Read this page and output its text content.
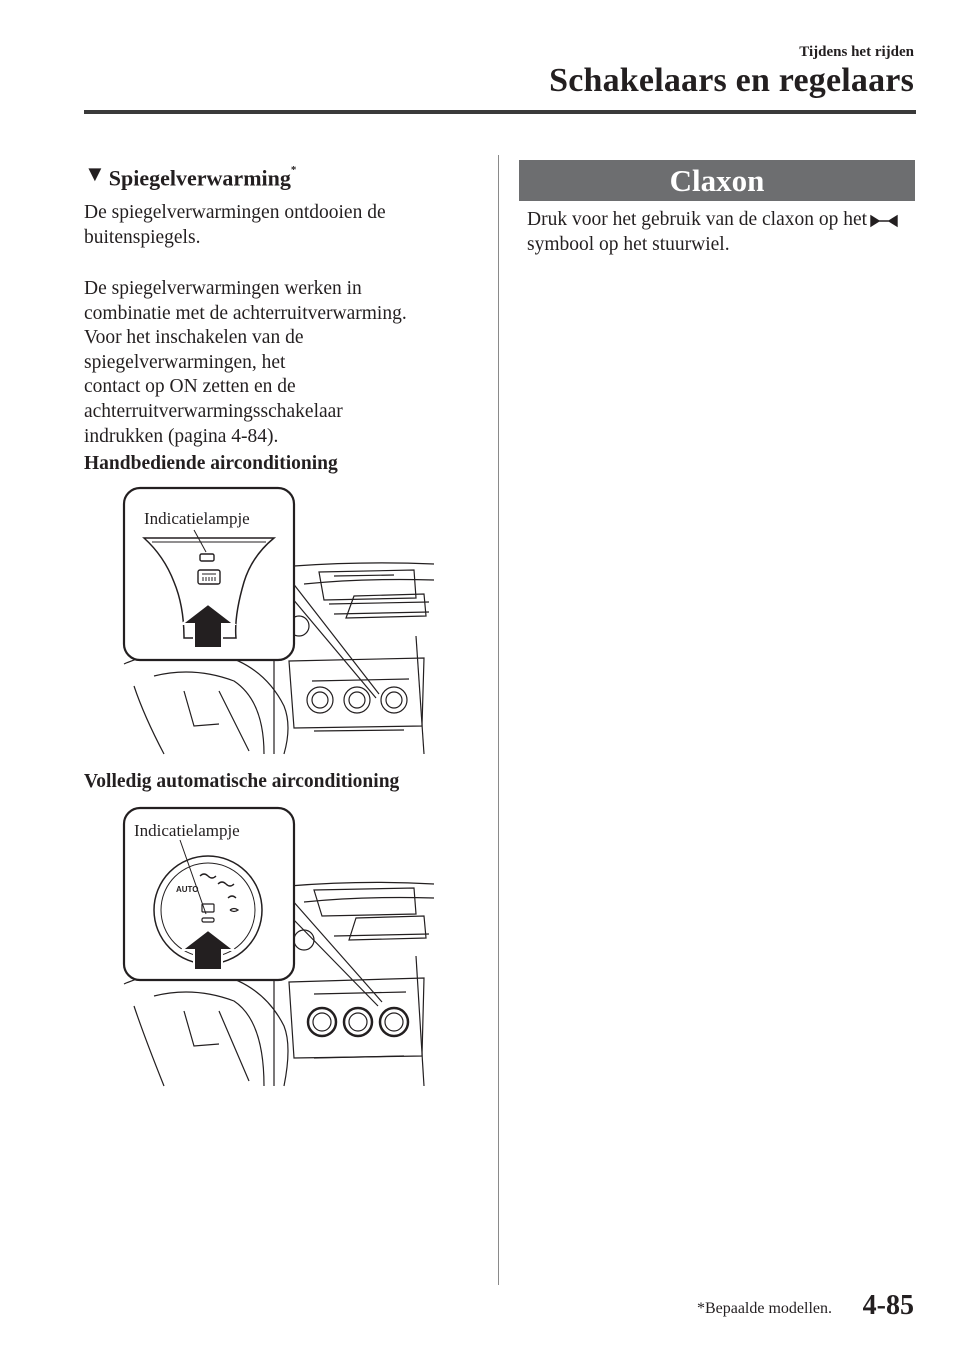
Tijdens het rijden
Schakelaars en regelaars
▼ Spiegelverwarming*
De spiegelverwarmingen ontdooien de buitenspiegels.
De spiegelverwarmingen werken in
combinatie met de achterruitverwarming.
Voor het inschakelen van de
spiegelverwarmingen, het
contact op ON zetten en de
achterruitverwarmingsschakelaar
indrukken (pagina 4-84).
Handbediende airconditioning
Indicatielampje
Volledig automatische airconditioning
AUTO
Indicatielampje
Claxon
Druk voor het gebruik van de claxon op hetsymbool op het stuurwiel.
*Bepaalde modellen. 4-85
